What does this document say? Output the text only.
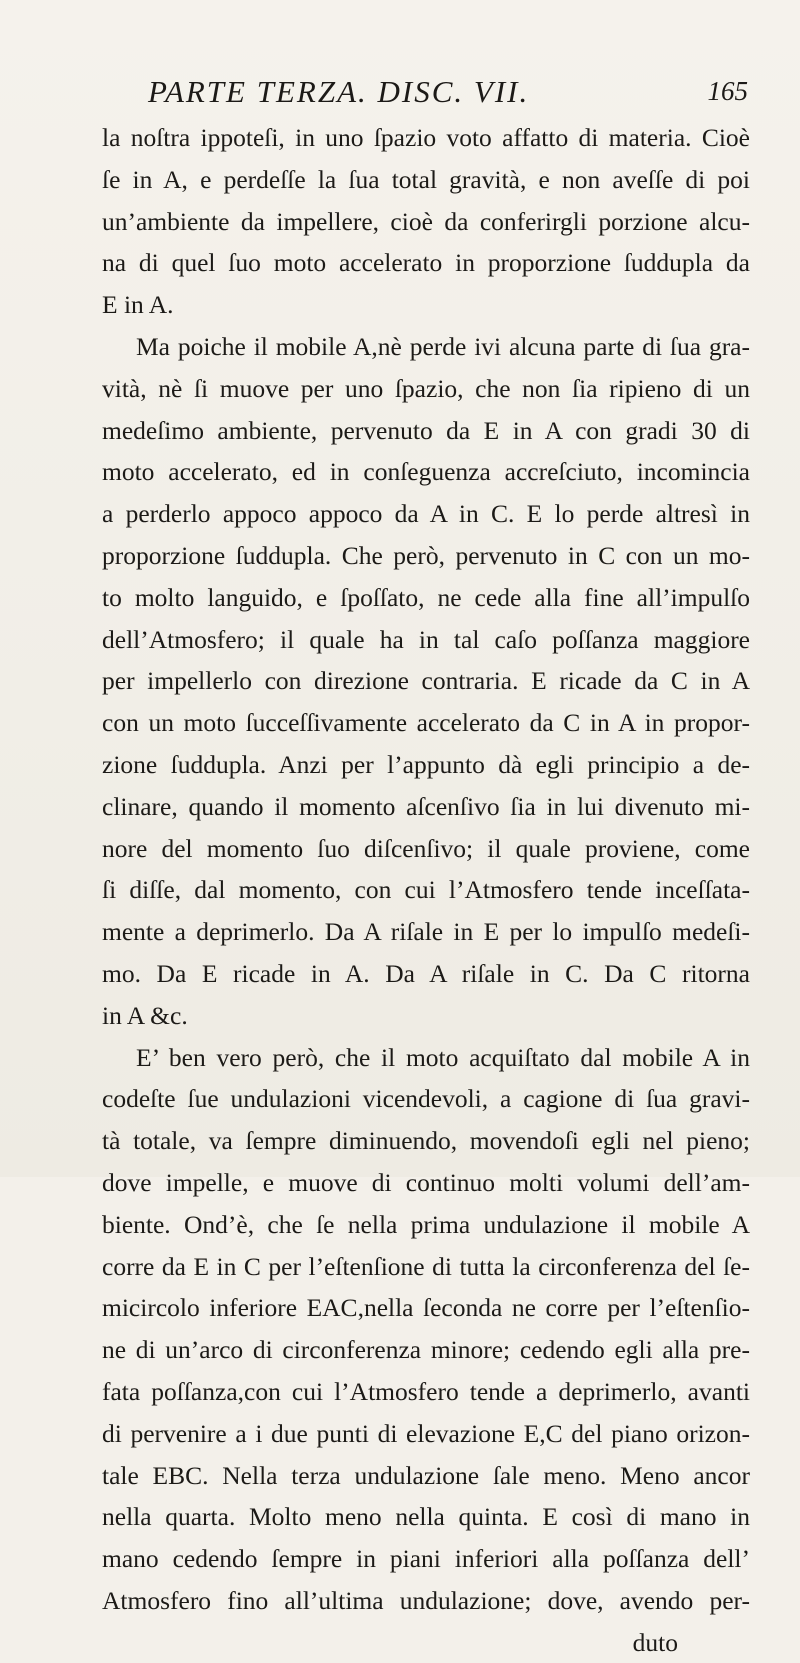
PARTE TERZA. DISC. VII.	165
la noſtra ippoteſi, in uno ſpazio voto affatto di materia. Cioè
ſe in A, e perdeſſe la ſua total gravità, e non aveſſe di poi
un’ambiente da impellere, cioè da conferirgli porzione alcu-
na di quel ſuo moto accelerato in proporzione ſuddupla da
E in A.
Ma poiche il mobile A,nè perde ivi alcuna parte di ſua gra-
vità, nè ſi muove per uno ſpazio, che non ſia ripieno di un
medeſimo ambiente, pervenuto da E in A con gradi 30 di
moto accelerato, ed in conſeguenza accreſciuto, incomincia
a perderlo appoco appoco da A in C. E lo perde altresì in
proporzione ſuddupla. Che però, pervenuto in C con un mo-
to molto languido, e ſpoſſato, ne cede alla fine all’impulſo
dell’Atmosfero; il quale ha in tal caſo poſſanza maggiore
per impellerlo con direzione contraria. E ricade da C in A
con un moto ſucceſſivamente accelerato da C in A in propor-
zione ſuddupla. Anzi per l’appunto dà egli principio a de-
clinare, quando il momento aſcenſivo ſia in lui divenuto mi-
nore del momento ſuo diſcenſivo; il quale proviene, come
ſi diſſe, dal momento, con cui l’Atmosfero tende inceſſata-
mente a deprimerlo. Da A riſale in E per lo impulſo medeſi-
mo. Da E ricade in A. Da A riſale in C. Da C ritorna
in A &c.
E’ ben vero però, che il moto acquiſtato dal mobile A in
codeſte ſue undulazioni vicendevoli, a cagione di ſua gravi-
tà totale, va ſempre diminuendo, movendoſi egli nel pieno;
dove impelle, e muove di continuo molti volumi dell’am-
biente. Ond’è, che ſe nella prima undulazione il mobile A
corre da E in C per l’eſtenſione di tutta la circonferenza del ſe-
micircolo inferiore EAC,nella ſeconda ne corre per l’eſtenſio-
ne di un’arco di circonferenza minore; cedendo egli alla pre-
fata poſſanza,con cui l’Atmosfero tende a deprimerlo, avanti
di pervenire a i due punti di elevazione E,C del piano orizon-
tale EBC. Nella terza undulazione ſale meno. Meno ancor
nella quarta. Molto meno nella quinta. E così di mano in
mano cedendo ſempre in piani inferiori alla poſſanza dell’
Atmosfero fino all’ultima undulazione; dove, avendo per-
duto
